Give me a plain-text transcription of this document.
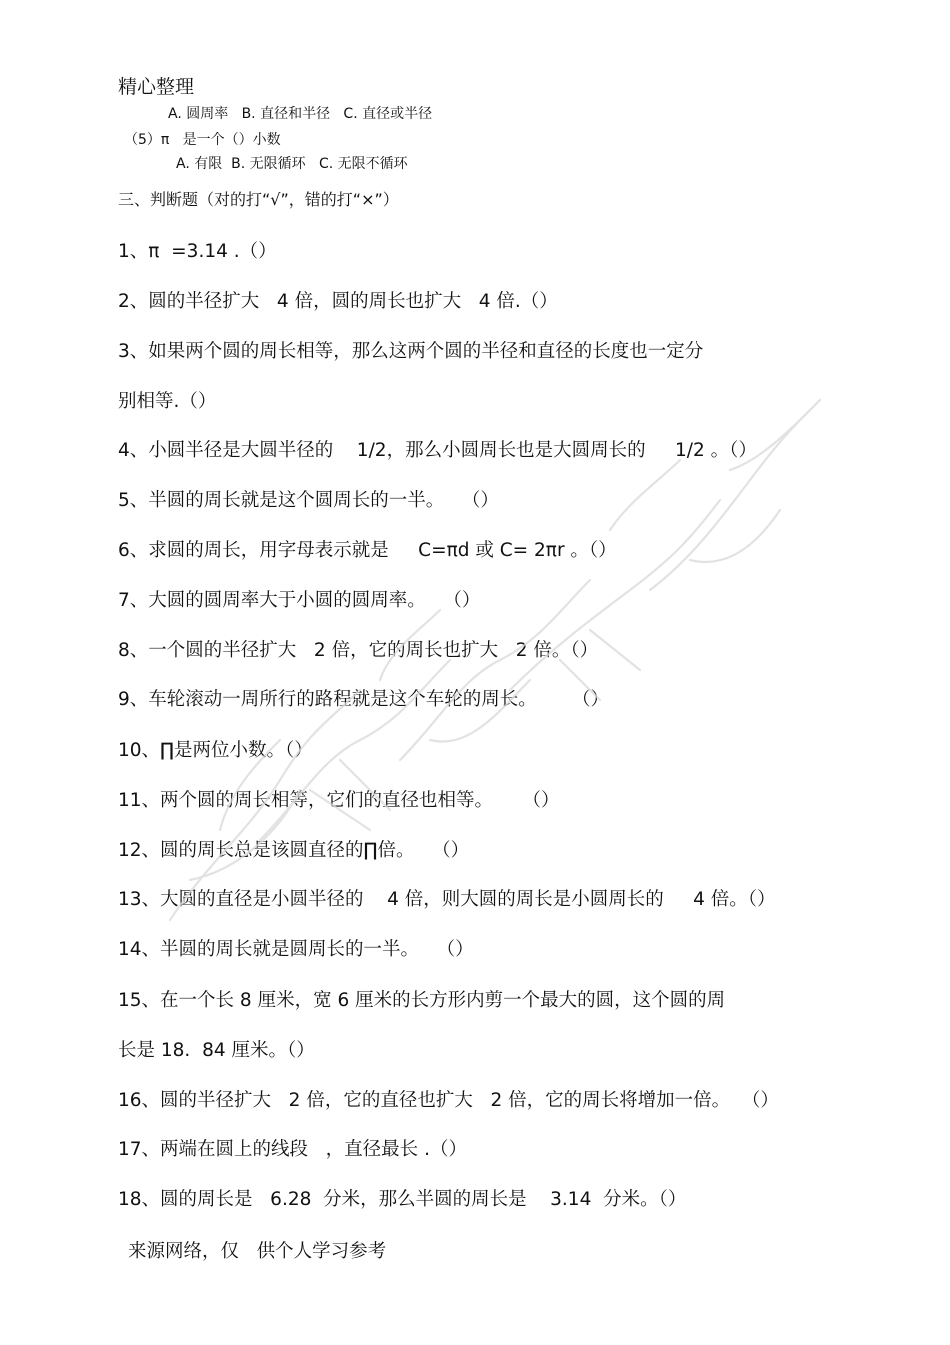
精心整理
A. 圆周率   B. 直径和半径   C. 直径或半径
（5）π   是一个（）小数
A. 有限  B. 无限循环   C. 无限不循环
三、判断题（对的打“√”，错的打“×”）
1、π  =3.14 .（）
2、圆的半径扩大   4 倍，圆的周长也扩大   4 倍.（）
3、如果两个圆的周长相等，那么这两个圆的半径和直径的长度也一定分
别相等.（）
4、小圆半径是大圆半径的    1/2，那么小圆周长也是大圆周长的     1/2 。（）
5、半圆的周长就是这个圆周长的一半。   （）
6、求圆的周长，用字母表示就是     C=πd 或 C= 2πr 。（）
7、大圆的圆周率大于小圆的圆周率。   （）
8、一个圆的半径扩大   2 倍，它的周长也扩大   2 倍。（）
9、车轮滚动一周所行的路程就是这个车轮的周长。      （）
10、∏是两位小数。（）
11、两个圆的周长相等，它们的直径也相等。     （）
12、圆的周长总是该圆直径的∏倍。   （）
13、大圆的直径是小圆半径的    4 倍，则大圆的周长是小圆周长的     4 倍。（）
14、半圆的周长就是圆周长的一半。   （）
15、在一个长 8 厘米，宽 6 厘米的长方形内剪一个最大的圆，这个圆的周
长是 18.  84 厘米。（）
16、圆的半径扩大   2 倍，它的直径也扩大   2 倍，它的周长将增加一倍。  （）
17、两端在圆上的线段   ，直径最长 .（）
18、圆的周长是   6.28  分米，那么半圆的周长是    3.14  分米。（）
来源网络，仅   供个人学习参考
